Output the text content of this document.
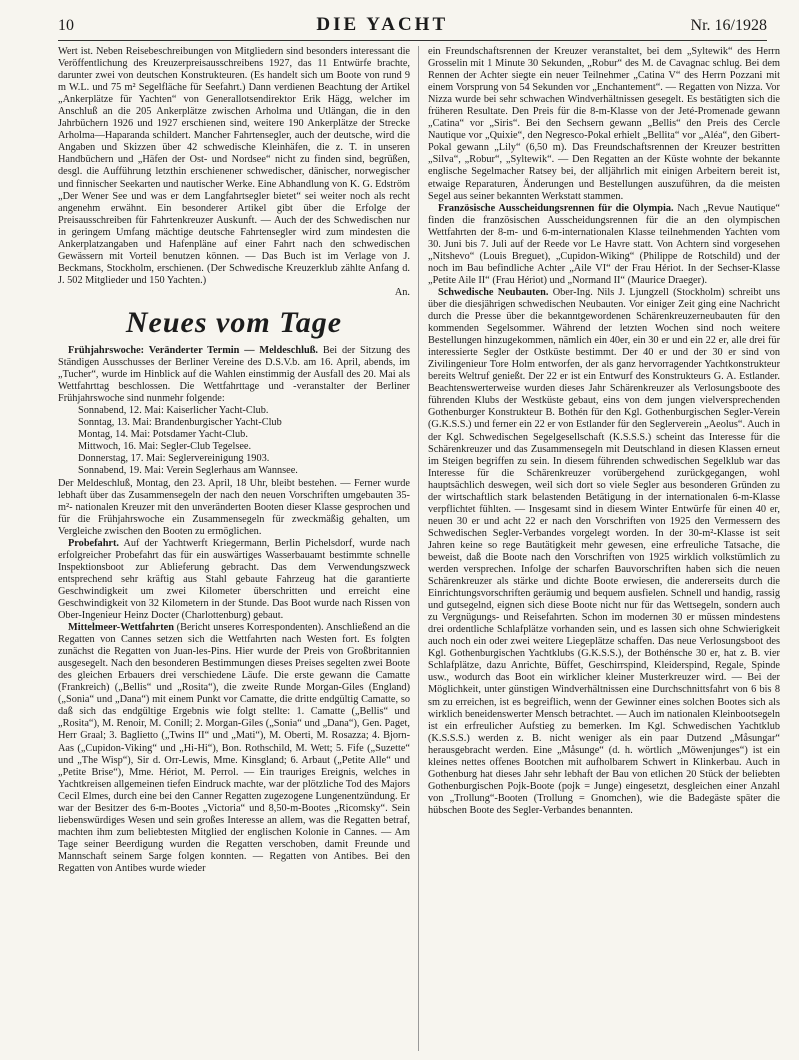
10	DIE YACHT	Nr. 16/1928

Wert ist. Neben Reisebeschreibungen von Mitgliedern sind besonders interessant die Veröffentlichung des Kreuzerpreisausschreibens 1927, das 11 Entwürfe brachte, darunter zwei von deutschen Konstrukteuren. (Es handelt sich um Boote von rund 9 m W.L. und 75 m² Segelfläche für Seefahrt.) Dann verdienen Beachtung der Artikel „Ankerplätze für Yachten“ von Generallotsendirektor Erik Hägg, welcher im Anschluß an die 205 Ankerplätze zwischen Arholma und Utlängan, die in den Jahrbüchern 1926 und 1927 erschienen sind, weitere 190 Ankerplätze der Strecke Arholma—Haparanda schildert. Mancher Fahrtensegler, auch der deutsche, wird die Angaben und Skizzen über 42 schwedische Kleinhäfen, die z. T. in unseren Handbüchern und „Häfen der Ost- und Nordsee“ nicht zu finden sind, begrüßen, desgl. die Aufführung letzthin erschienener schwedischer, dänischer, norwegischer und finnischer Seekarten und nautischer Werke. Eine Abhandlung von K. G. Edström „Der Wener See und was er dem Langfahrtsegler bietet“ sei weiter noch als recht angenehm erwähnt. Ein besonderer Artikel gibt über die Erfolge der Preisausschreiben für Fahrtenkreuzer Auskunft. — Auch der des Schwedischen nur in geringem Umfang mächtige deutsche Fahrtensegler wird zum mindesten die Ankerplatzangaben und Hafenpläne auf einer Fahrt nach den schwedischen Gewässern mit Vorteil benutzen können. — Das Buch ist im Verlage von J. Beckmans, Stockholm, erschienen. (Der Schwedische Kreuzerklub zählte Anfang d. J. 502 Mitglieder und 150 Yachten.)

An.
Neues vom Tage

Frühjahrswoche: Veränderter Termin — Meldeschluß. Bei der Sitzung des Ständigen Ausschusses der Berliner Vereine des D.S.V.b. am 16. April, abends, im „Tucher“, wurde im Hinblick auf die Wahlen einstimmig der Ausfall des 20. Mai als Wettfahrttag beschlossen. Die Wettfahrttage und -veranstalter der Berliner Frühjahrswoche sind nunmehr folgende:

Sonnabend, 12. Mai: Kaiserlicher Yacht-Club.
Sonntag, 13. Mai: Brandenburgischer Yacht-Club
Montag, 14. Mai: Potsdamer Yacht-Club.
Mittwoch, 16. Mai: Segler-Club Tegelsee.
Donnerstag, 17. Mai: Seglervereinigung 1903.
Sonnabend, 19. Mai: Verein Seglerhaus am Wannsee.

Der Meldeschluß, Montag, den 23. April, 18 Uhr, bleibt bestehen. — Ferner wurde lebhaft über das Zusammensegeln der nach den neuen Vorschriften umgebauten 35-m²- nationalen Kreuzer mit den unveränderten Booten dieser Klasse gesprochen und für die Frühjahrswoche ein Zusammensegeln für zweckmäßig gehalten, um Vergleiche zwischen den Booten zu ermöglichen.

Probefahrt. Auf der Yachtwerft Kriegermann, Berlin Pichelsdorf, wurde nach erfolgreicher Probefahrt das für ein auswärtiges Wasserbauamt bestimmte schnelle Inspektionsboot zur Ablieferung gebracht. Das dem Verwendungszweck entsprechend sehr kräftig aus Stahl gebaute Fahrzeug hat die garantierte Geschwindigkeit um zwei Kilometer überschritten und erreicht eine Geschwindigkeit von 32 Kilometern in der Stunde. Das Boot wurde nach Rissen von Ober-Ingenieur Heinz Docter (Charlottenburg) gebaut.

Mittelmeer-Wettfahrten (Bericht unseres Korrespondenten). Anschließend an die Regatten von Cannes setzen sich die Wettfahrten nach Westen fort. Es folgten zunächst die Regatten von Juan-les-Pins. Hier wurde der Preis von Großbritannien ausgesegelt. Nach den besonderen Bestimmungen dieses Preises segelten zwei Boote des gleichen Erbauers drei verschiedene Läufe. Die erste gewann die Camatte (Frankreich) („Bellis“ und „Rosita“), die zweite Runde Morgan-Giles (England) („Sonia“ und „Dana“) mit einem Punkt vor Camatte, die dritte endgültig Camatte, so daß sich das endgültige Ergebnis wie folgt stellte: 1. Camatte („Bellis“ und „Rosita“), M. Renoir, M. Conill; 2. Morgan-Giles („Sonia“ und „Dana“), Gen. Paget, Herr Graal; 3. Baglietto („Twins II“ und „Mati“), M. Oberti, M. Rosazza; 4. Bjorn-Aas („Cupidon-Viking“ und „Hi-Hi“), Bon. Rothschild, M. Wett; 5. Fife („Suzette“ und „The Wisp“), Sir d. Orr-Lewis, Mme. Kinsgland; 6. Arbaut („Petite Alle“ und „Petite Brise“), Mme. Hériot, M. Perrol. — Ein trauriges Ereignis, welches in Yachtkreisen allgemeinen tiefen Eindruck machte, war der plötzliche Tod des Majors Cecil Elmes, durch eine bei den Canner Regatten zugezogene Lungenentzündung. Er war der Besitzer des 6-m-Bootes „Victoria“ und 8,50-m-Bootes „Ricomsky“. Sein liebenswürdiges Wesen und sein großes Interesse an allem, was die Regatten betraf, machten ihm zum beliebtesten Mitglied der englischen Kolonie in Cannes. — Am Tage seiner Beerdigung wurden die Regatten verschoben, damit Freunde und Mannschaft seinem Sarge folgen konnten. — Regatten von Antibes. Bei den Regatten von Antibes wurde wieder

ein Freundschaftsrennen der Kreuzer veranstaltet, bei dem „Syltewik“ des Herrn Grosselin mit 1 Minute 30 Sekunden, „Robur“ des M. de Cavagnac schlug. Bei dem Rennen der Achter siegte ein neuer Teilnehmer „Catina V“ des Herrn Pozzani mit einem Vorsprung von 54 Sekunden vor „Enchantement“. — Regatten von Nizza. Vor Nizza wurde bei sehr schwachen Windverhältnissen gesegelt. Es bestätigten sich die früheren Resultate. Den Preis für die 8-m-Klasse von der Jeté-Promenade gewann „Catina“ vor „Siris“. Bei den Sechsern gewann „Bellis“ den Preis des Cercle Nautique vor „Quixie“, den Negresco-Pokal erhielt „Bellita“ vor „Aléa“, den Gibert-Pokal gewann „Lily“ (6,50 m). Das Freundschaftsrennen der Kreuzer bestritten „Silva“, „Robur“, „Syltewik“. — Den Regatten an der Küste wohnte der bekannte englische Segelmacher Ratsey bei, der alljährlich mit einigen Arbeitern bereit ist, etwaige Reparaturen, Änderungen und Bestellungen auszuführen, da die meisten Segel aus seiner bekannten Werkstatt stammen.

Französische Ausscheidungsrennen für die Olympia. Nach „Revue Nautique“ finden die französischen Ausscheidungsrennen für die an den olympischen Wettfahrten der 8-m- und 6-m-internationalen Klasse teilnehmenden Yachten vom 30. Juni bis 7. Juli auf der Reede vor Le Havre statt. Von Achtern sind vorgesehen „Nitshevo“ (Louis Breguet), „Cupidon-Wiking“ (Philippe de Rotschild) und der noch im Bau befindliche Achter „Aile VI“ der Frau Hériot. In der Sechser-Klasse „Petite Aile II“ (Frau Hériot) und „Normand II“ (Maurice Draeger).

Schwedische Neubauten. Ober-Ing. Nils J. Ljungzell (Stockholm) schreibt uns über die diesjährigen schwedischen Neubauten. Vor einiger Zeit ging eine Nachricht durch die Presse über die bekanntgewordenen Schärenkreuzerneubauten für den kommenden Segelsommer. Während der letzten Wochen sind noch weitere Bestellungen hinzugekommen, nämlich ein 40er, ein 30 er und ein 22 er, alle drei für interessierte Segler der Ostküste bestimmt. Der 40 er und der 30 er sind von Zivilingenieur Tore Holm entworfen, der als ganz hervorragender Yachtkonstrukteur bereits Weltruf genießt. Der 22 er ist ein Entwurf des Konstrukteurs G. A. Estlander. Beachtenswerterweise wurden dieses Jahr Schärenkreuzer als Verlosungsboote des führenden Klubs der Westküste gebaut, eins von dem jungen vielversprechenden Gothenburger Konstrukteur B. Bothén für den Kgl. Gothenburgischen Segler-Verein (G.K.S.S.) und ferner ein 22 er von Estlander für den Seglerverein „Aeolus“. Auch in der Kgl. Schwedischen Segelgesellschaft (K.S.S.S.) scheint das Interesse für die Schärenkreuzer und das Zusammensegeln mit Deutschland in diesen Klassen erneut im Steigen begriffen zu sein. In diesem führenden schwedischen Segelklub war das Interesse für die Schärenkreuzer vorübergehend zurückgegangen, wohl hauptsächlich deswegen, weil sich dort so viele Segler aus besonderen Gründen zu der wirtschaftlich stark belastenden Betätigung in der internationalen 6-m-Klasse verpflichtet fühlten. — Insgesamt sind in diesem Winter Entwürfe für einen 40 er, neuen 30 er und acht 22 er nach den Vorschriften von 1925 den Vermessern des Schwedischen Segler-Verbandes vorgelegt worden. In der 30-m²-Klasse ist seit Jahren keine so rege Bautätigkeit mehr gewesen, eine erfreuliche Tatsache, die beweist, daß die Boote nach den Vorschriften von 1925 wirklich volkstümlich zu werden versprechen. Infolge der scharfen Bauvorschriften haben sich die neuen Schärenkreuzer als stärke und dichte Boote erwiesen, die andererseits durch die Einrichtungsvorschriften geräumig und bequem ausfielen. Schnell und handig, rassig und gutsegelnd, eignen sich diese Boote nicht nur für das Wettsegeln, sondern auch zu Vergnügungs- und Reisefahrten. Schon im modernen 30 er müssen mindestens drei ordentliche Schlafplätze vorhanden sein, und es lassen sich ohne Schwierigkeit auch noch ein oder zwei weitere Liegeplätze schaffen. Das neue Verlosungsboot des Kgl. Gothenburgischen Yachtklubs (G.K.S.S.), der Bothénsche 30 er, hat z. B. vier Schlafplätze, dazu Anrichte, Büffet, Geschirrspind, Kleiderspind, Regale, Spinde usw., wodurch das Boot ein wirklicher kleiner Musterkreuzer wird. — Bei der Möglichkeit, unter günstigen Windverhältnissen eine Durchschnittsfahrt von 6 bis 8 sm zu erreichen, ist es begreiflich, wenn der Gewinner eines solchen Bootes sich als wirklich beneidenswerter Mensch betrachtet. — Auch im nationalen Kleinbootsegeln ist ein erfreulicher Aufstieg zu bemerken. Im Kgl. Schwedischen Yachtklub (K.S.S.S.) werden z. B. nicht weniger als ein paar Dutzend „Måsungar“ herausgebracht werden. Eine „Måsunge“ (d. h. wörtlich „Möwenjunges“) ist ein kleines nettes offenes Bootchen mit aufholbarem Schwert in Klinkerbau. Auch in Gothenburg hat dieses Jahr sehr lebhaft der Bau von etlichen 20 Stück der beliebten Gothenburgischen Pojk-Boote (pojk = Junge) eingesetzt, desgleichen einer Anzahl von „Trollung“-Booten (Trollung = Gnomchen), wie die Badegäste später die hübschen Boote des Segler-Verbandes benannten.
